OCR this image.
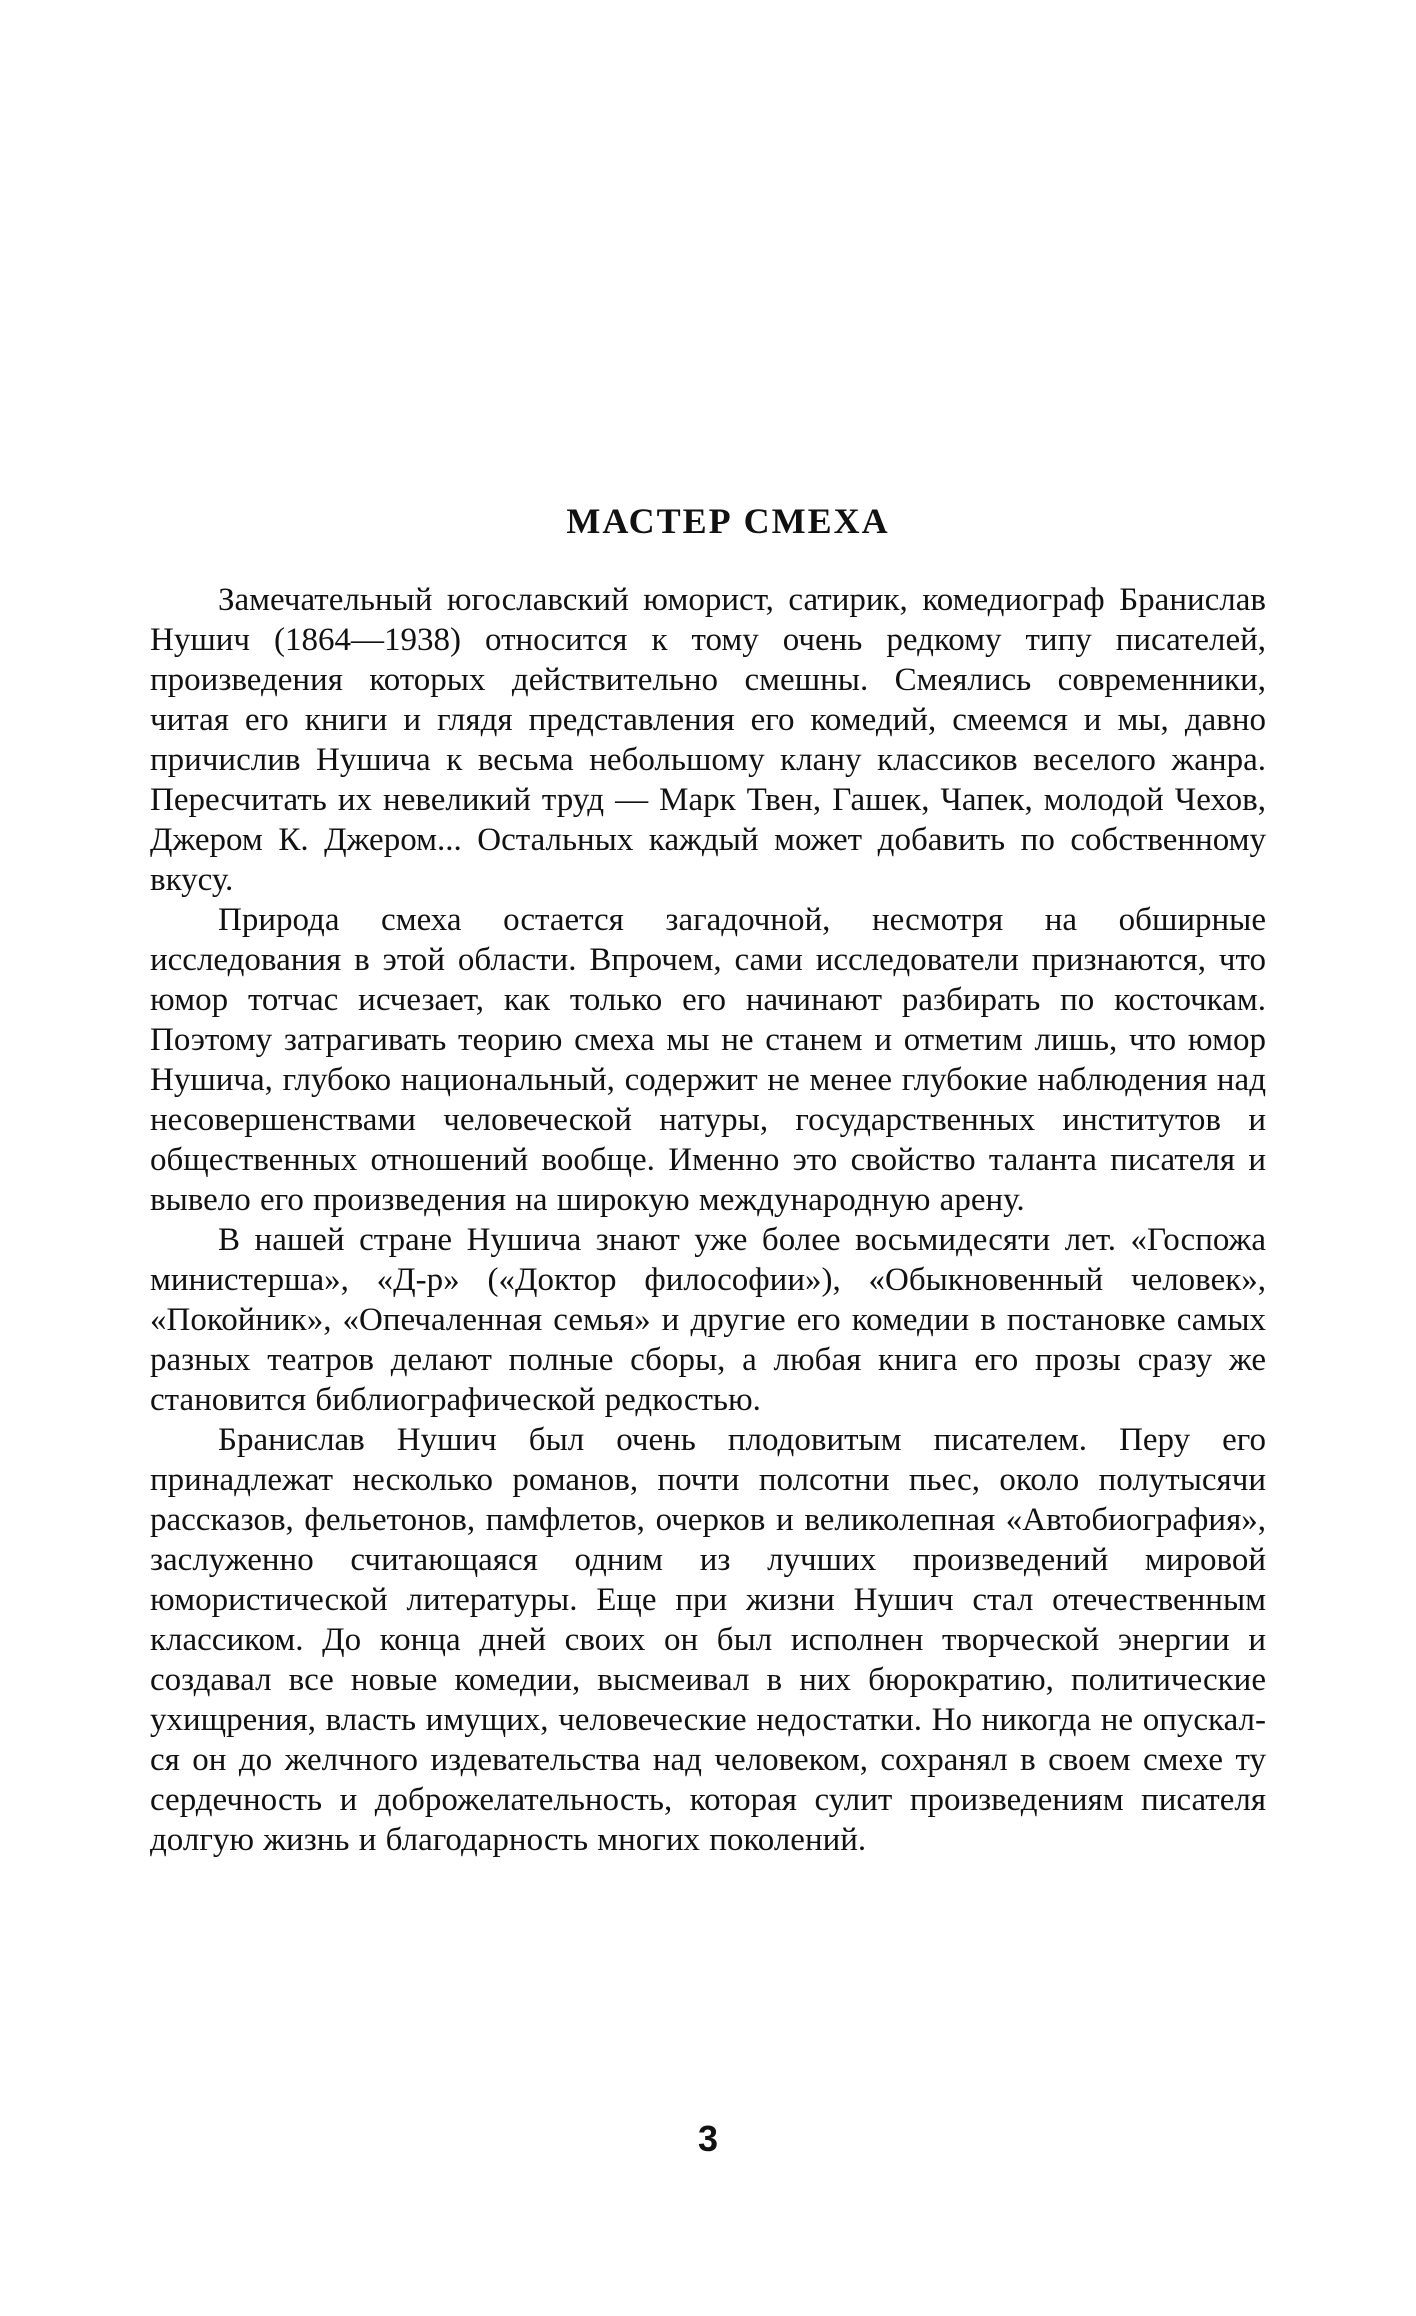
МАСТЕР СМЕХА

Замечательный югославский юморист, сатирик, комедиограф Бранислав Нушич (1864—1938) относится к тому очень редкому типу писателей, произведения которых действительно смешны. Смеялись современники, читая его книги и глядя представления его комедий, смеемся и мы, давно причислив Нушича к весьма небольшому клану классиков веселого жанра. Пересчитать их невеликий труд — Марк Твен, Гашек, Чапек, молодой Чехов, Джером К. Джером... Остальных каждый может добавить по собственному вкусу.

Природа смеха остается загадочной, несмотря на обширные исследования в этой области. Впрочем, сами исследователи признаются, что юмор тотчас исчезает, как только его начинают разбирать по косточкам. Поэтому затрагивать теорию смеха мы не станем и отметим лишь, что юмор Нушича, глубоко национальный, содержит не менее глубокие наблюдения над несовершенствами человеческой натуры, государственных институтов и общественных отношений вообще. Именно это свойство таланта писателя и вывело его произведения на широкую международную арену.

В нашей стране Нушича знают уже более восьмидесяти лет. «Госпожа министерша», «Д-р» («Доктор философии»), «Обыкновенный человек», «Покойник», «Опечаленная семья» и другие его комедии в постановке самых разных театров делают полные сборы, а любая книга его прозы сразу же становится библиографической редкостью.

Бранислав Нушич был очень плодовитым писателем. Перу его принадлежат несколько романов, почти полсотни пьес, около полутысячи рассказов, фельетонов, памфлетов, очерков и великолепная «Автобиография», заслуженно считающаяся одним из лучших произведений мировой юмористической литературы. Еще при жизни Нушич стал отечественным классиком. До конца дней своих он был исполнен творческой энергии и создавал все новые комедии, высмеивал в них бюрократию, политические ухищрения, власть имущих, человеческие недостатки. Но никогда не опускался он до желчного издевательства над человеком, сохранял в своем смехе ту сердечность и доброжелательность, которая сулит произведениям писателя долгую жизнь и благодарность многих поколений.

3
